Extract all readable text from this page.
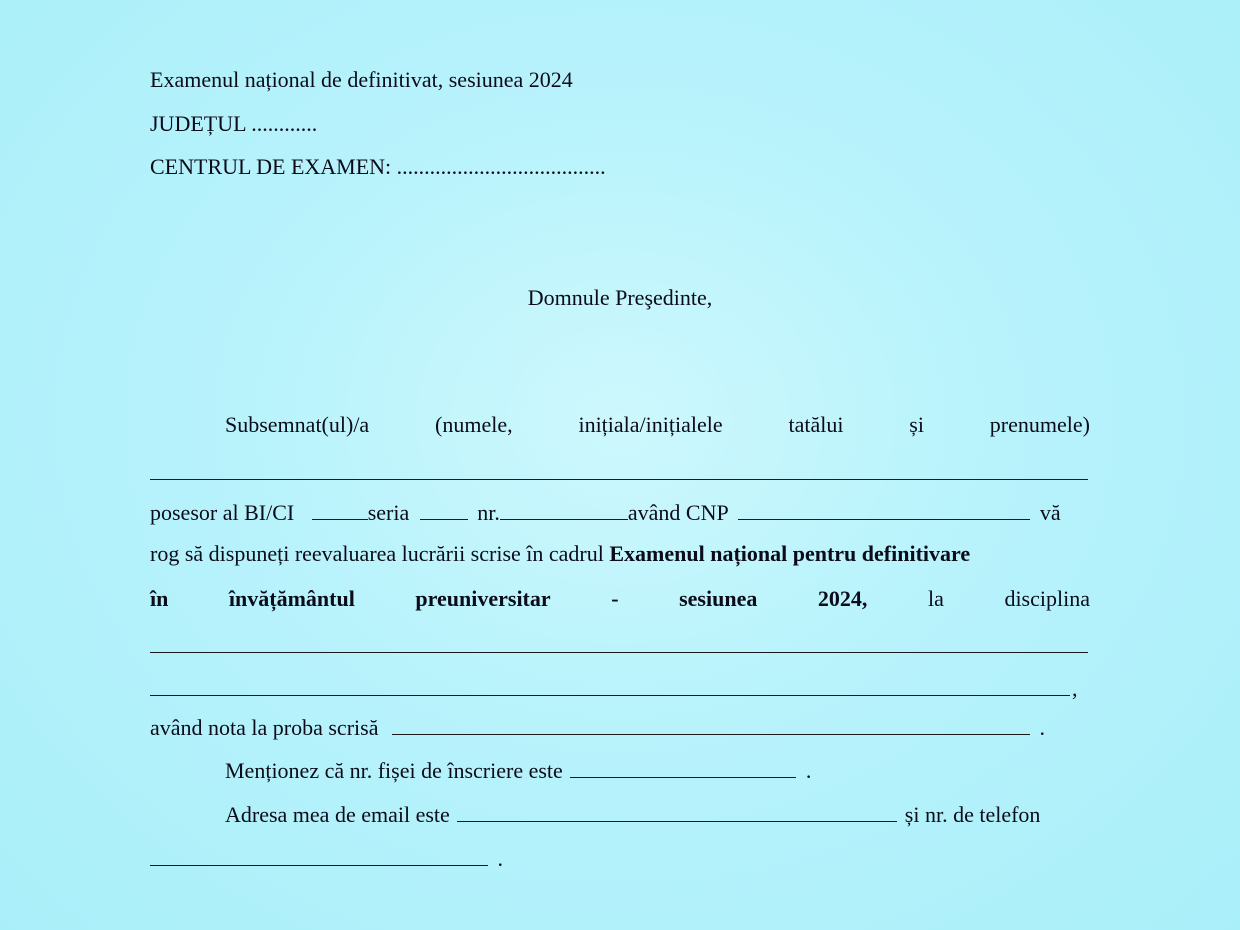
Examenul național de definitivat, sesiunea 2024
JUDEȚUL ............
CENTRUL DE EXAMEN: ......................................
Domnule Preşedinte,
Subsemnat(ul)/a	(numele,	inițiala/inițialele	tatălui	și	prenumele)
posesor al BI/CI	seria	nr.	având CNP	vă
rog să dispuneți reevaluarea lucrării scrise în cadrul Examenul național pentru definitivare
în	învățământul	preuniversitar	-	sesiunea	2024,	la	disciplina
,
având nota la proba scrisă	.
Menționez că nr. fișei de înscriere este	.
Adresa mea de email este	și nr. de telefon
.
